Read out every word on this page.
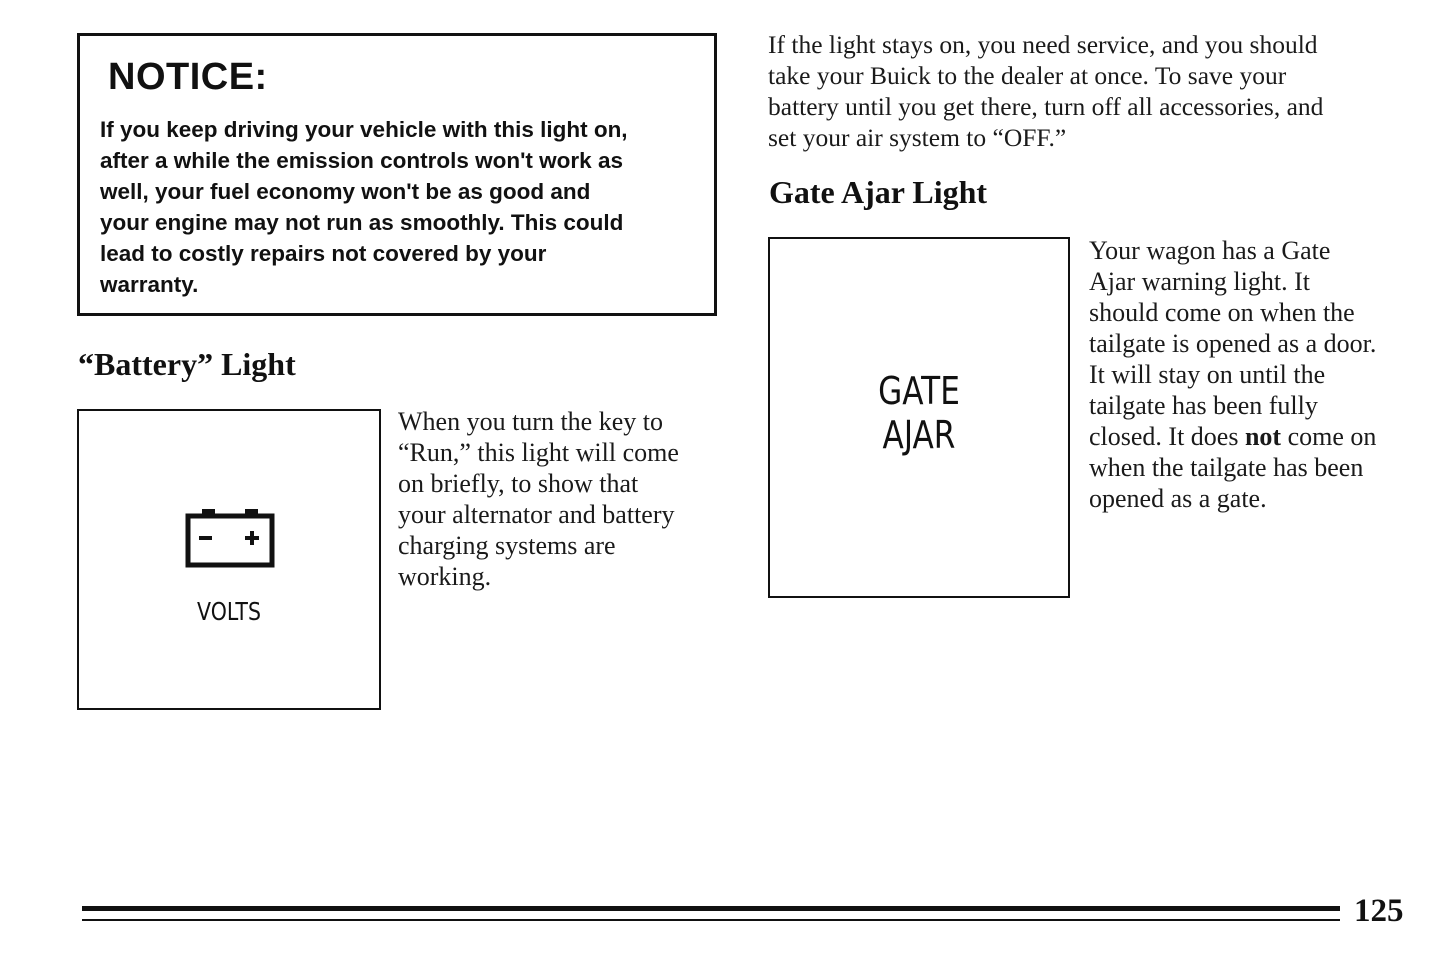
NOTICE:
If you keep driving your vehicle with this light on,
after a while the emission controls won't work as
well, your fuel economy won't be as good and
your engine may not run as smoothly. This could
lead to costly repairs not covered by your
warranty.
“Battery” Light
VOLTS
When you turn the key to
“Run,” this light will come
on briefly, to show that
your alternator and battery
charging systems are
working.
If the light stays on, you need service, and you should
take your Buick to the dealer at once. To save your
battery until you get there, turn off all accessories, and
set your air system to “OFF.”
Gate Ajar Light
GATE
AJAR
Your wagon has a Gate
Ajar warning light. It
should come on when the
tailgate is opened as a door.
It will stay on until the
tailgate has been fully
closed. It does not come on
when the tailgate has been
opened as a gate.
125
